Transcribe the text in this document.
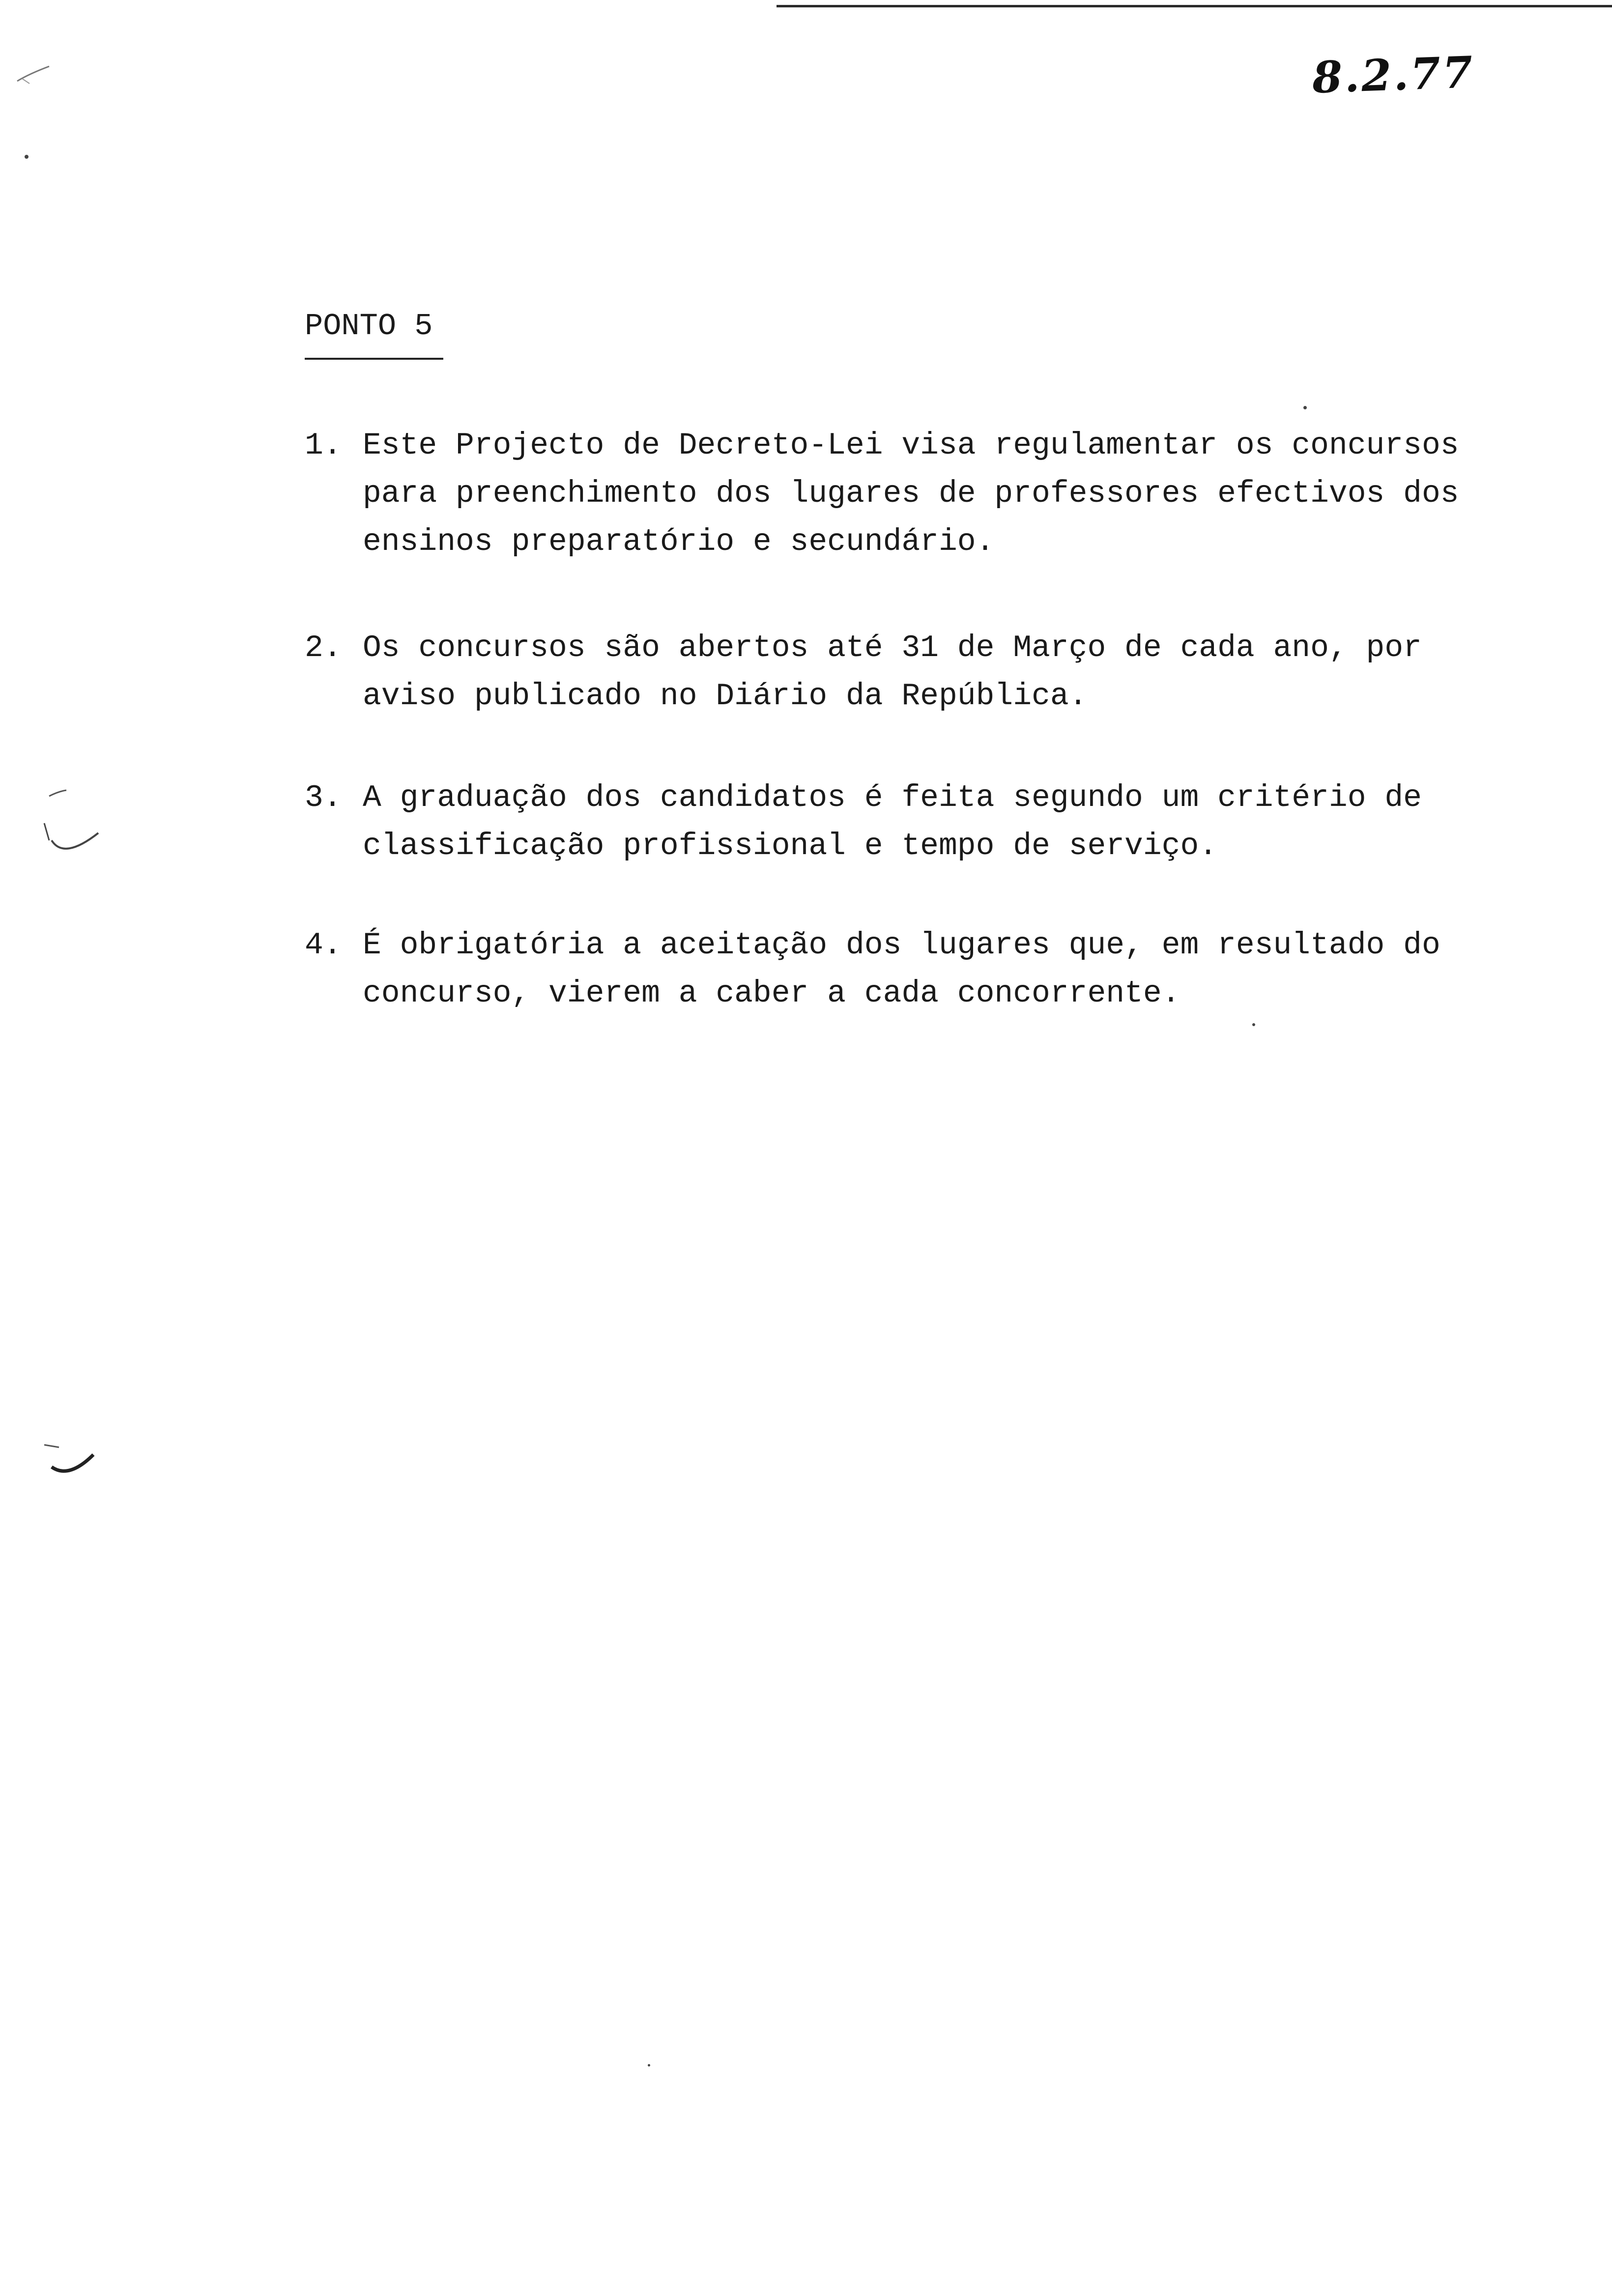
8.2.77
PONTO 5
1. Este Projecto de Decreto-Lei visa regulamentar os concursos
para preenchimento dos lugares de professores efectivos dos
ensinos preparatório e secundário.
2. Os concursos são abertos até 31 de Março de cada ano, por
aviso publicado no Diário da República.
3. A graduação dos candidatos é feita segundo um critério de
classificação profissional e tempo de serviço.
4. É obrigatória a aceitação dos lugares que, em resultado do
concurso, vierem a caber a cada concorrente.
